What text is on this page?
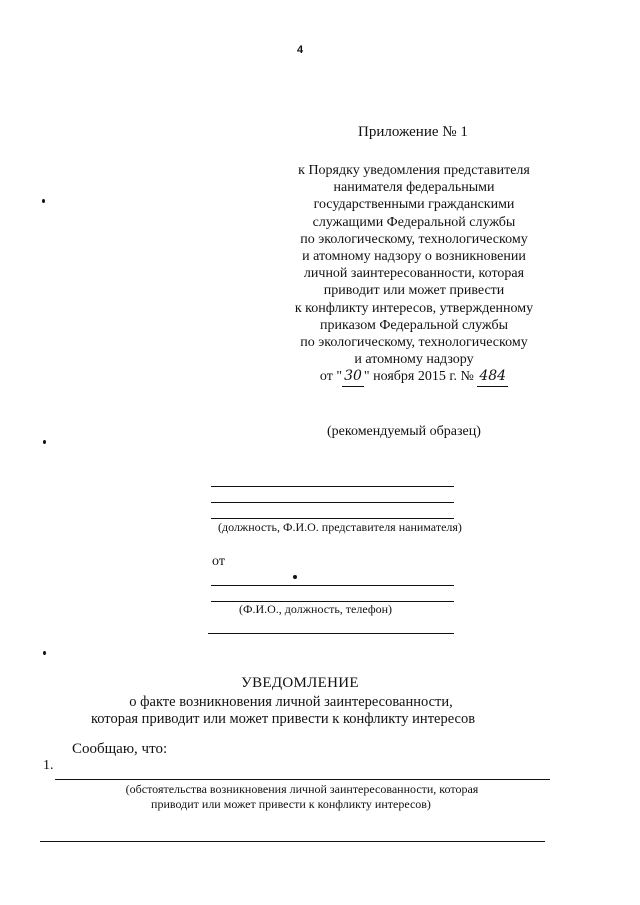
4
Приложение № 1
к Порядку уведомления представителя
нанимателя федеральными
государственными гражданскими
служащими Федеральной службы
по экологическому, технологическому
и атомному надзору о возникновении
личной заинтересованности, которая
приводит или может привести
к конфликту интересов, утвержденному
приказом Федеральной службы
по экологическому, технологическому
и атомному надзору
от " 30 " ноября 2015 г. № 484
(рекомендуемый образец)
(должность, Ф.И.О. представителя нанимателя)
от
(Ф.И.О., должность, телефон)
УВЕДОМЛЕНИЕ
о факте возникновения личной заинтересованности,
которая приводит или может привести к конфликту интересов
Сообщаю, что:
1.
(обстоятельства возникновения личной заинтересованности, которая
приводит или может привести к конфликту интересов)
